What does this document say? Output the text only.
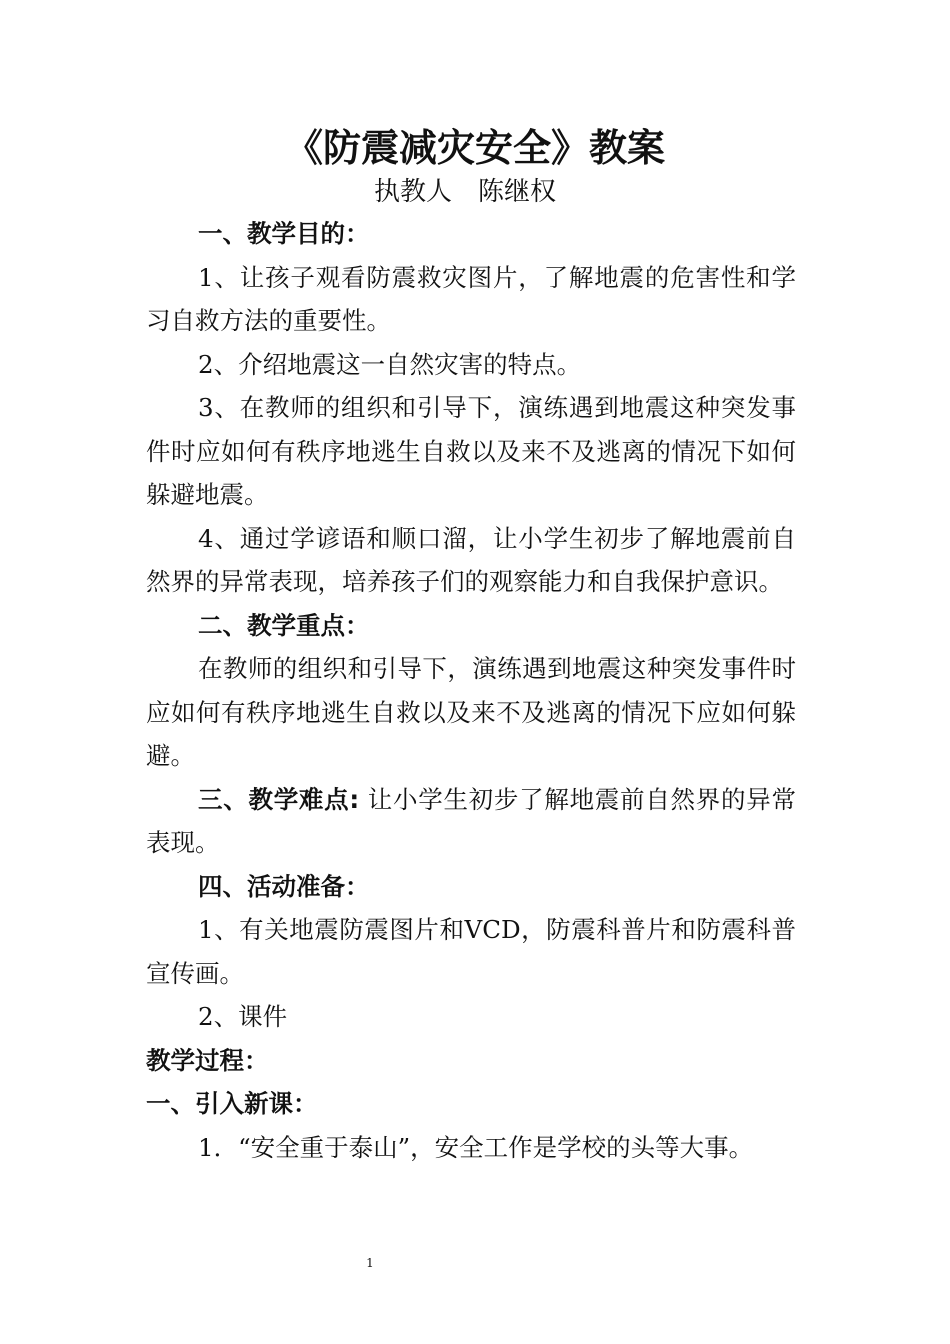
《防震减灾安全》教案
执教人　陈继权

一、教学目的：

1、让孩子观看防震救灾图片，了解地震的危害性和学习自救方法的重要性。

2、介绍地震这一自然灾害的特点。

3、在教师的组织和引导下，演练遇到地震这种突发事件时应如何有秩序地逃生自救以及来不及逃离的情况下如何躲避地震。

4、通过学谚语和顺口溜，让小学生初步了解地震前自然界的异常表现，培养孩子们的观察能力和自我保护意识。

二、教学重点：

在教师的组织和引导下，演练遇到地震这种突发事件时应如何有秩序地逃生自救以及来不及逃离的情况下应如何躲避。

三、教学难点: 让小学生初步了解地震前自然界的异常表现。

四、活动准备：

1、有关地震防震图片和VCD，防震科普片和防震科普宣传画。

2、课件

教学过程：

一、引入新课：

1．“安全重于泰山”，安全工作是学校的头等大事。

1
